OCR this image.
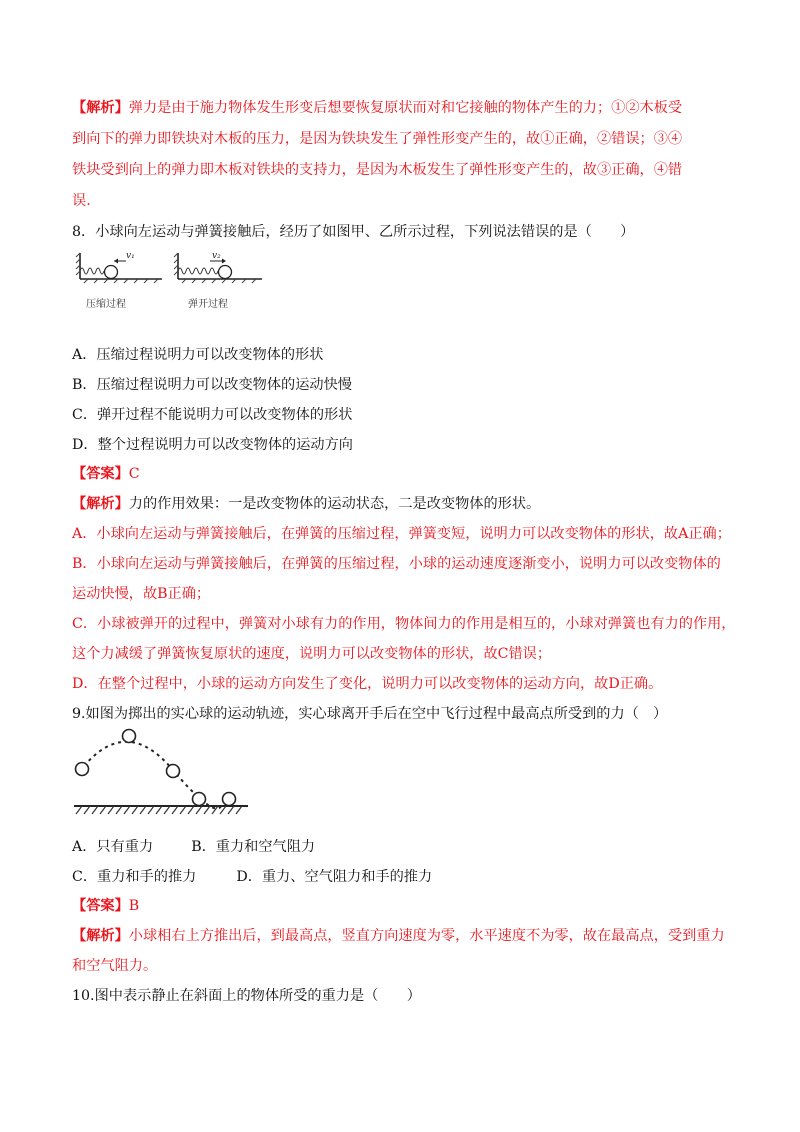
【解析】弹力是由于施力物体发生形变后想要恢复原状而对和它接触的物体产生的力；①②木板受
到向下的弹力即铁块对木板的压力，是因为铁块发生了弹性形变产生的，故①正确，②错误；③④
铁块受到向上的弹力即木板对铁块的支持力，是因为木板发生了弹性形变产生的，故③正确，④错
误.
8．小球向左运动与弹簧接触后，经历了如图甲、乙所示过程，下列说法错误的是（　　）
v₁
压缩过程
v₂
弹开过程
A．压缩过程说明力可以改变物体的形状
B．压缩过程说明力可以改变物体的运动快慢
C．弹开过程不能说明力可以改变物体的形状
D．整个过程说明力可以改变物体的运动方向
【答案】C
【解析】力的作用效果：一是改变物体的运动状态，二是改变物体的形状。
A．小球向左运动与弹簧接触后，在弹簧的压缩过程，弹簧变短，说明力可以改变物体的形状，故A正确；
B．小球向左运动与弹簧接触后，在弹簧的压缩过程，小球的运动速度逐渐变小，说明力可以改变物体的
运动快慢，故B正确；
C．小球被弹开的过程中，弹簧对小球有力的作用，物体间力的作用是相互的，小球对弹簧也有力的作用，
这个力减缓了弹簧恢复原状的速度，说明力可以改变物体的形状，故C错误；
D．在整个过程中，小球的运动方向发生了变化，说明力可以改变物体的运动方向，故D正确。
9.如图为掷出的实心球的运动轨迹，实心球离开手后在空中飞行过程中最高点所受到的力（　）
A．只有重力	B．重力和空气阻力
C．重力和手的推力	D．重力、空气阻力和手的推力
【答案】B
【解析】小球相右上方推出后，到最高点，竖直方向速度为零，水平速度不为零，故在最高点，受到重力
和空气阻力。
10.图中表示静止在斜面上的物体所受的重力是（　　）
